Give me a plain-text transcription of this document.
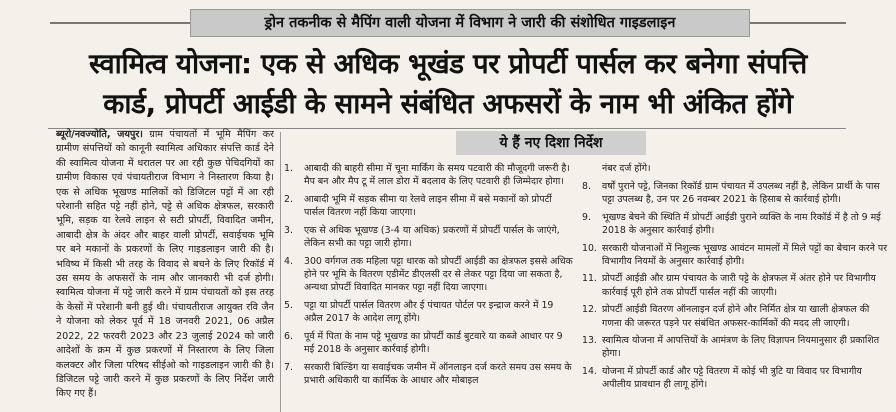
ड्रोन तकनीक से मैपिंग वाली योजना में विभाग ने जारी की संशोधित गाइडलाइन
स्वामित्व योजना: एक से अधिक भूखंड पर प्रोपर्टी पार्सल कर बनेगा संपत्ति
कार्ड, प्रोपर्टी आईडी के सामने संबंधित अफसरों के नाम भी अंकित होंगे
ब्यूरो/नवज्योति, जयपुर। ग्राम पंचायतों में भूमि मैपिंग कर ग्रामीण संपत्तियों को कानूनी स्वामित्व अधिकार संपत्ति कार्ड देने की स्वामित्व योजना में धरातल पर आ रही कुछ पेचिदगियों का ग्रामीण विकास एवं पंचायतीराज विभाग ने निस्तारण किया है। एक से अधिक भूखण्ड मालिकों को डिजिटल पट्टों में आ रही परेशानी सहित पट्टे नहीं होने, पट्टे से अधिक क्षेत्रफल, सरकारी भूमि, सड़क या रेलवे लाइन से सटी प्रोपर्टी, विवादित जमीन, आबादी क्षेत्र के अंदर और बाहर वाली प्रोपर्टी, सवाईचक भूमि पर बने मकानों के प्रकरणों के लिए गाइडलाइन जारी की है। भविष्य में किसी भी तरह के विवाद से बचने के लिए रिकॉर्ड में उस समय के अफसरों के नाम और जानकारी भी दर्ज होगी। स्वामित्व योजना में पट्टे जारी करने में ग्राम पंचायतों को इस तरह के केसों में परेशानी बनी हुई थी। पंचायतीराज आयुक्त रवि जैन ने योजना को लेकर पूर्व में 18 जनवरी 2021, 06 अप्रैल 2022, 22 फरवरी 2023 और 23 जुलाई 2024 को जारी आदेशों के क्रम में कुछ प्रकरणों में निस्तारण के लिए जिला कलक्टर और जिला परिषद सीईओ को गाइडलाइन जारी की है। डिजिटल पट्टे जारी करने में कुछ प्रकरणों के लिए निर्देश जारी किए गए हैं।
ये हैं नए दिशा निर्देश
1.	आबादी की बाहरी सीमा में चूना मार्किंग के समय पटवारी की मौजूदगी जरूरी है। मैप बन और मैप टू में लाल डोरा में बदलाव के लिए पटवारी ही जिम्मेदार होगा।
2.	आबादी भूमि में सड़क सीमा या रेलवे लाइन सीमा में बसे मकानों को प्रोपर्टी पार्सल वितरण नहीं किया जाएगा।
3.	एक से अधिक भूखण्ड (3-4 या अधिक) प्रकरणों में प्रोपर्टी पार्सल के जाएंगे, लेकिन सभी का पट्टा जारी होगा।
4.	300 वर्गगज तक महिला पट्टा धारक को प्रोपर्टी आईडी का क्षेत्रफल इससे अधिक होने पर भूमि के वितरण एडीमेंट डीएलसी दर से लेकर पट्टा दिया जा सकता है, अन्यथा प्रोपर्टी विवादित मानकर पट्टा नहीं दिया जाएगा।
5.	पट्टा या प्रोपर्टी पार्सल वितरण और ई पंचायत पोर्टल पर इन्द्राज करने में 19 अप्रैल 2017 के आदेश लागू होंगे।
6.	पूर्व में पिता के नाम पट्टे भूखण्ड का प्रोपर्टी कार्ड बुटवारे या कब्जे आधार पर 9 मई 2018 के अनुसार कार्रवाई होगी।
7.	सरकारी बिल्डिंग या सवाईचक जमीन में ऑनलाइन दर्ज करते समय उस समय के प्रभारी अधिकारी या कार्मिक के आधार और मोबाइल
नंबर दर्ज होंगे।
8.	वर्षों पुराने पट्टे, जिनका रिकॉर्ड ग्राम पंचायत में उपलब्ध नहीं है, लेकिन प्रार्थी के पास पट्टा उपलब्ध है, उन पर 26 नवम्बर 2021 के हिसाब से कार्रवाई होगी।
9.	भूखण्ड बेचने की स्थिति में प्रोपर्टी आईडी पुराने व्यक्ति के नाम रिकॉर्ड में है तो 9 मई 2018 के अनुसार कार्रवाई होगी।
10. सरकारी योजनाओं में निशुल्क भूखण्ड आवंटन मामलों में मिले पट्टों का बेचान करने पर विभागीय नियमों के अनुसार कार्रवाई होगी।
11. प्रोपर्टी आईडी और ग्राम पंचायत के जारी पट्टे के क्षेत्रफल में अंतर होने पर विभागीय कार्रवाई पूरी होने तक प्रोपर्टी पार्सल नहीं की जाएगी।
12. प्रोपर्टी आईडी वितरण ऑनलाइन दर्ज होने और निर्मित क्षेत्र या खाली क्षेत्रफल की गणना की जरूरत पड़ने पर संबंधित अफसर-कार्मिकों की मदद ली जाएगी।
13. स्वामित्व योजना में आपत्तियों के आमंत्रण के लिए विज्ञापन नियमानुसार ही प्रकाशित होगा।
14. योजना में प्रोपर्टी कार्ड और पट्टे वितरण में कोई भी त्रुटि या विवाद पर विभागीय अपीलीय प्रावधान ही लागू होंगे।
